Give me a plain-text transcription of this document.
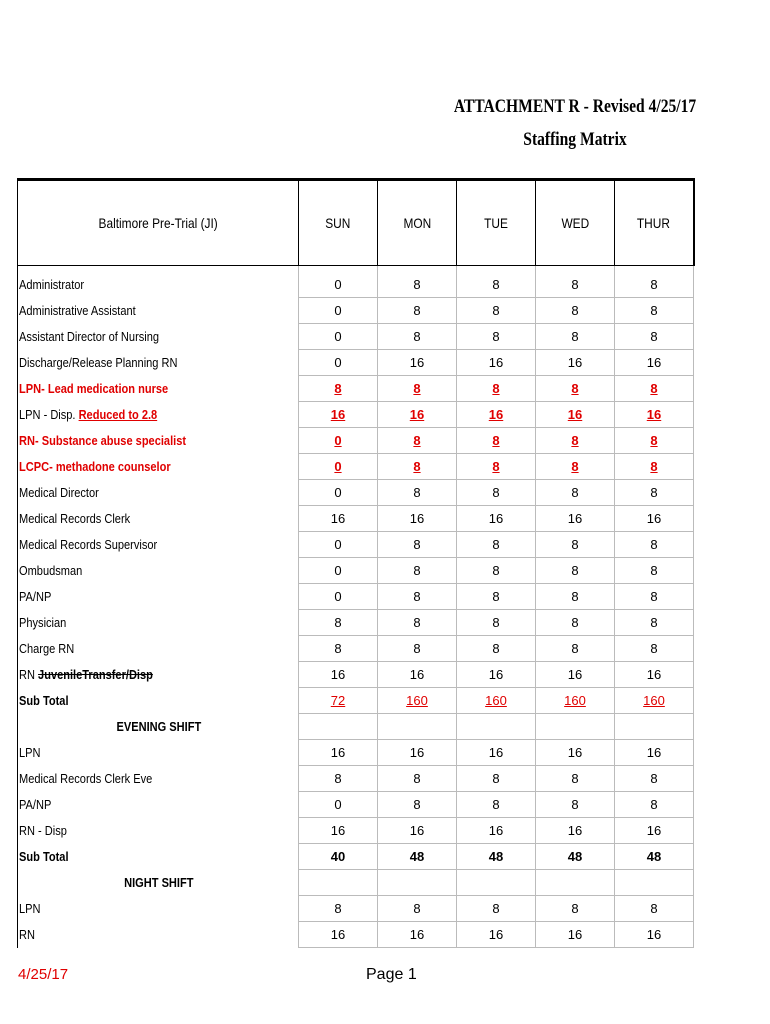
ATTACHMENT R - Revised 4/25/17
Staffing Matrix
Baltimore Pre-Trial (JI)	SUN	MON	TUE	WED	THUR
Administrator	0	8	8	8	8
Administrative Assistant	0	8	8	8	8
Assistant Director of Nursing	0	8	8	8	8
Discharge/Release Planning RN	0	16	16	16	16
LPN- Lead medication nurse	8	8	8	8	8
LPN - Disp. Reduced to 2.8	16	16	16	16	16
RN- Substance abuse specialist	0	8	8	8	8
LCPC- methadone counselor	0	8	8	8	8
Medical Director	0	8	8	8	8
Medical Records Clerk	16	16	16	16	16
Medical Records Supervisor	0	8	8	8	8
Ombudsman	0	8	8	8	8
PA/NP	0	8	8	8	8
Physician	8	8	8	8	8
Charge RN	8	8	8	8	8
RN JuvenileTransfer/Disp	16	16	16	16	16
Sub Total	72	160	160	160	160
EVENING SHIFT					
LPN	16	16	16	16	16
Medical Records Clerk Eve	8	8	8	8	8
PA/NP	0	8	8	8	8
RN - Disp	16	16	16	16	16
Sub Total	40	48	48	48	48
NIGHT SHIFT					
LPN	8	8	8	8	8
RN	16	16	16	16	16
4/25/17	Page 1
